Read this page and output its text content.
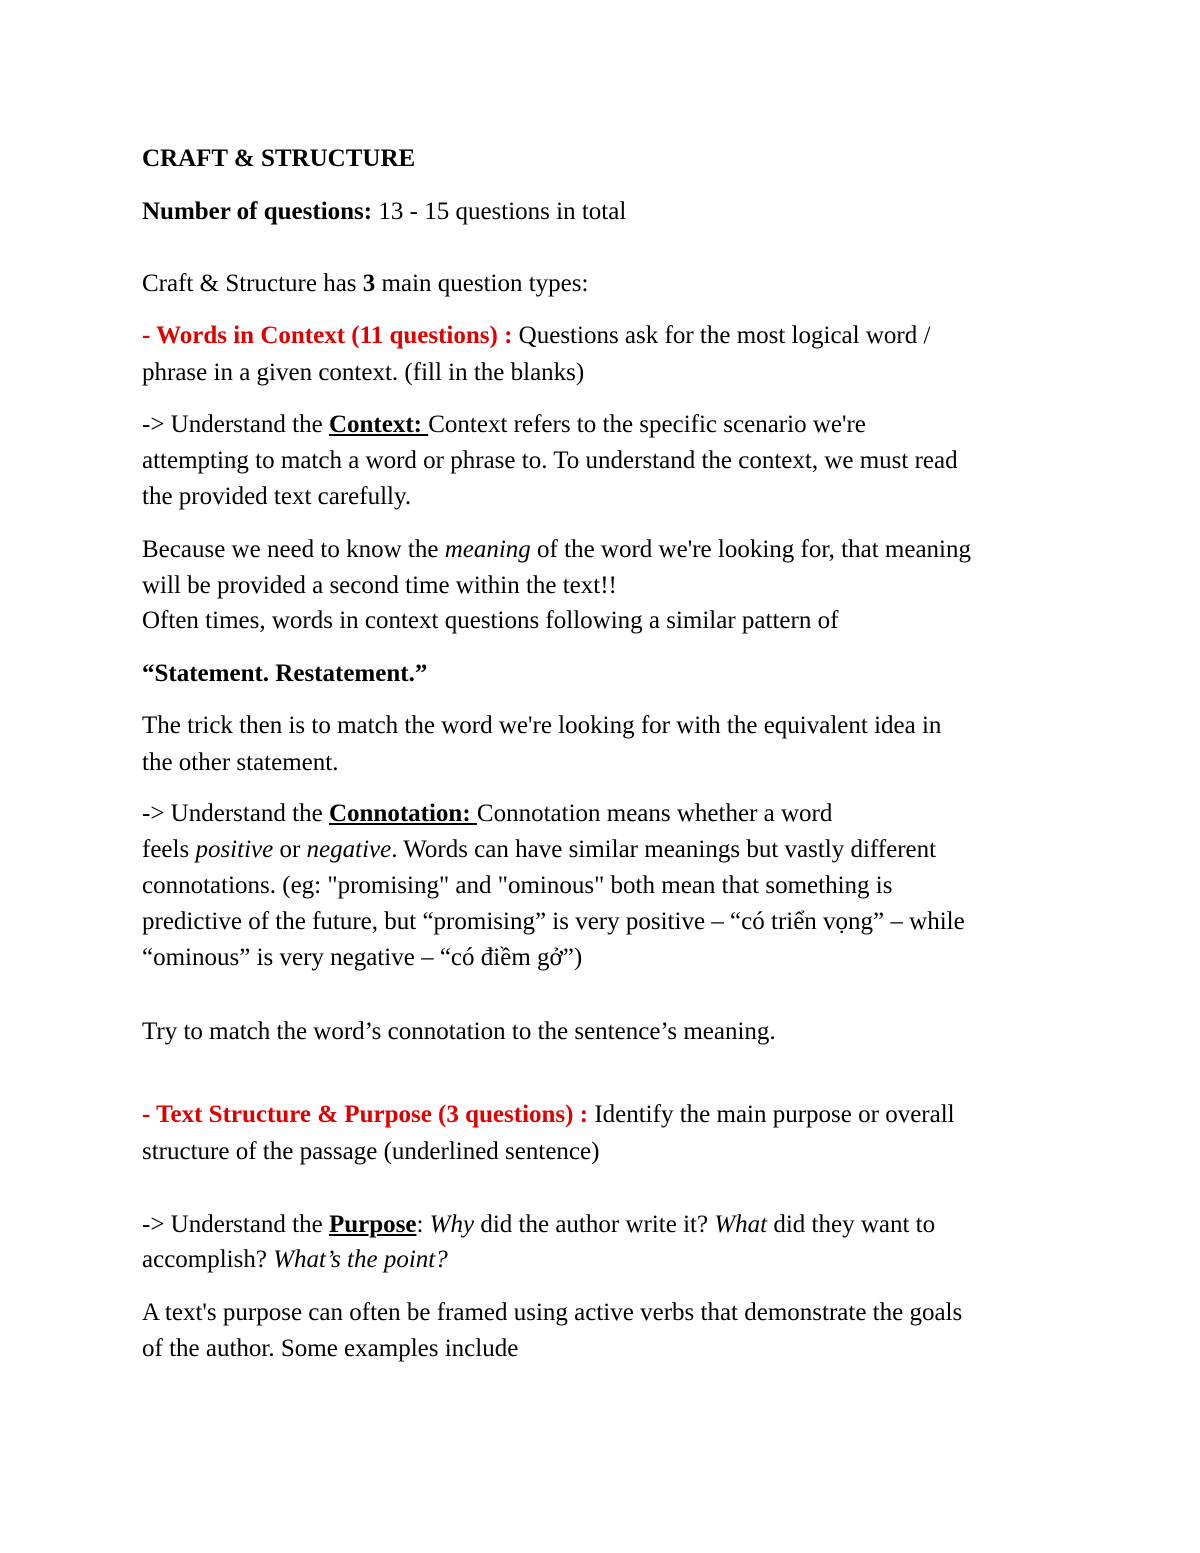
CRAFT & STRUCTURE
Number of questions: 13 - 15 questions in total
Craft & Structure has 3 main question types:
- Words in Context (11 questions) : Questions ask for the most logical word /
phrase in a given context. (fill in the blanks)
-> Understand the Context: Context refers to the specific scenario we're
attempting to match a word or phrase to. To understand the context, we must read
the provided text carefully.
Because we need to know the meaning of the word we're looking for, that meaning
will be provided a second time within the text!!
Often times, words in context questions following a similar pattern of
“Statement. Restatement.”
The trick then is to match the word we're looking for with the equivalent idea in
the other statement.
-> Understand the Connotation: Connotation means whether a word
feels positive or negative. Words can have similar meanings but vastly different
connotations. (eg: "promising" and "ominous" both mean that something is
predictive of the future, but “promising” is very positive – “có triển vọng” – while
“ominous” is very negative – “có điềm gở”)
Try to match the word’s connotation to the sentence’s meaning.
- Text Structure & Purpose (3 questions) : Identify the main purpose or overall
structure of the passage (underlined sentence)
-> Understand the Purpose: Why did the author write it? What did they want to
accomplish? What’s the point?
A text's purpose can often be framed using active verbs that demonstrate the goals
of the author. Some examples include
